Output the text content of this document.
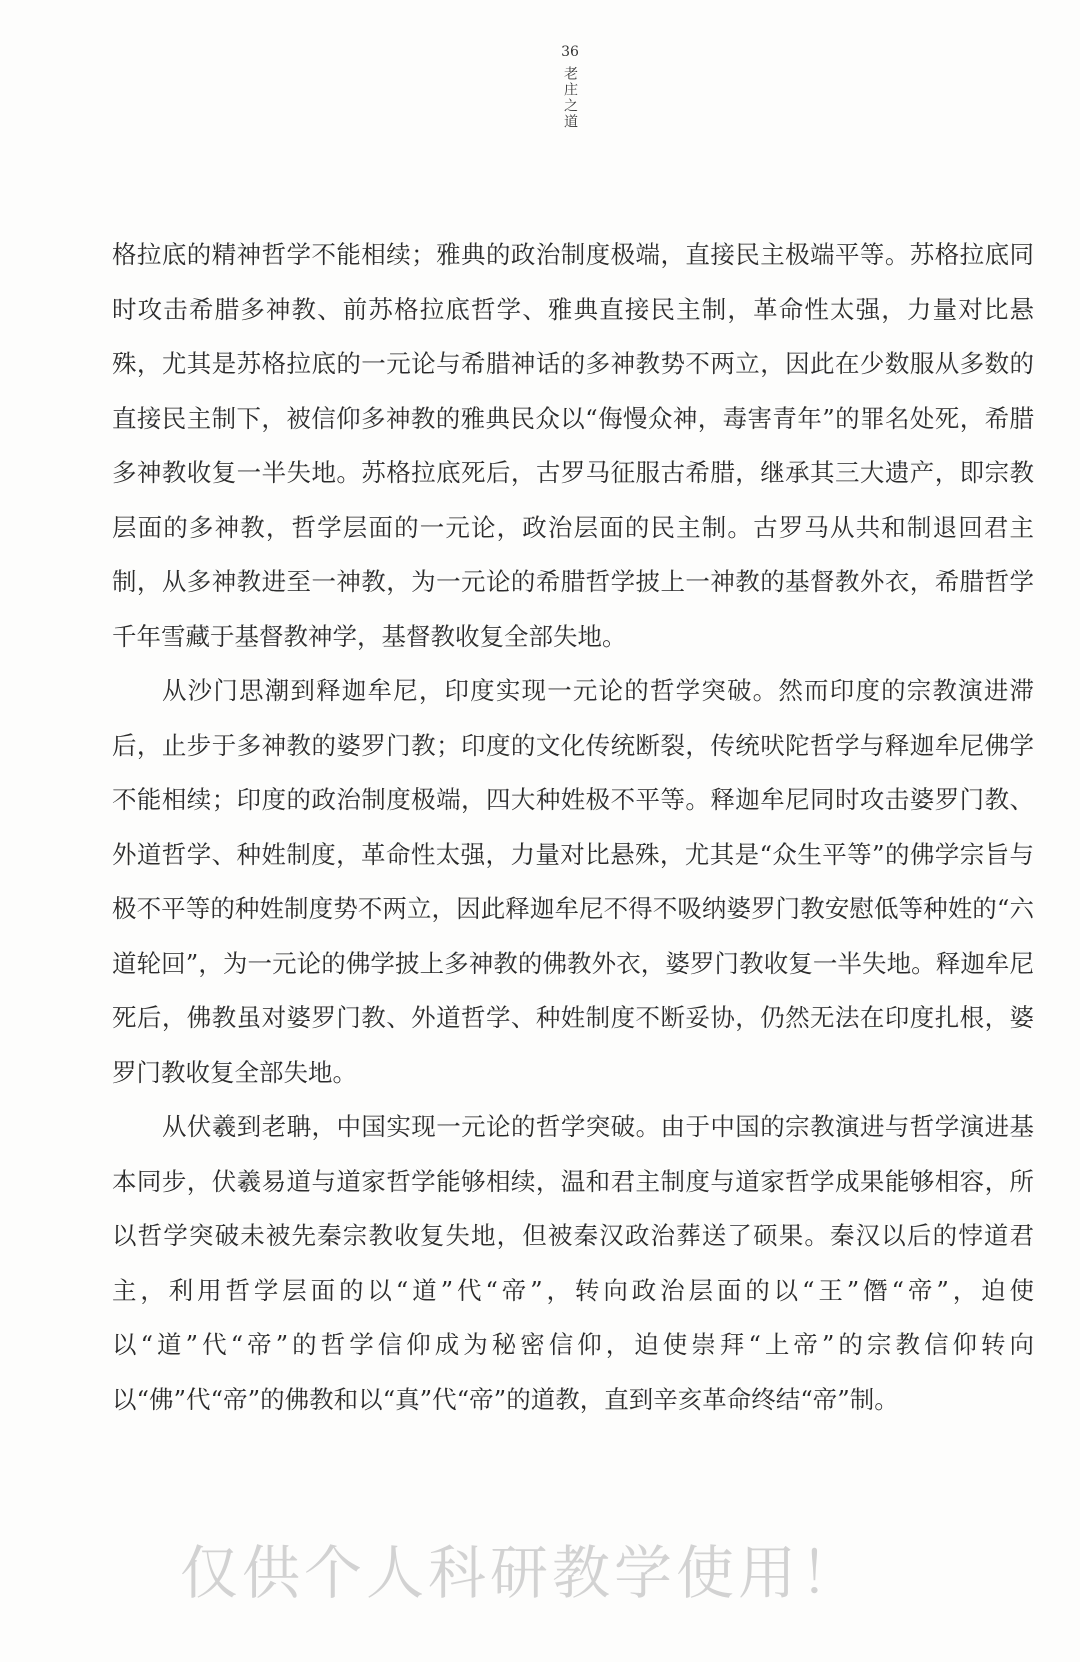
36
老庄之道

格拉底的精神哲学不能相续；雅典的政治制度极端，直接民主极端平等。苏格拉底同时攻击希腊多神教、前苏格拉底哲学、雅典直接民主制，革命性太强，力量对比悬殊，尤其是苏格拉底的一元论与希腊神话的多神教势不两立，因此在少数服从多数的直接民主制下，被信仰多神教的雅典民众以“侮慢众神，毒害青年”的罪名处死，希腊多神教收复一半失地。苏格拉底死后，古罗马征服古希腊，继承其三大遗产，即宗教层面的多神教，哲学层面的一元论，政治层面的民主制。古罗马从共和制退回君主制，从多神教进至一神教，为一元论的希腊哲学披上一神教的基督教外衣，希腊哲学千年雪藏于基督教神学，基督教收复全部失地。

从沙门思潮到释迦牟尼，印度实现一元论的哲学突破。然而印度的宗教演进滞后，止步于多神教的婆罗门教；印度的文化传统断裂，传统吠陀哲学与释迦牟尼佛学不能相续；印度的政治制度极端，四大种姓极不平等。释迦牟尼同时攻击婆罗门教、外道哲学、种姓制度，革命性太强，力量对比悬殊，尤其是“众生平等”的佛学宗旨与极不平等的种姓制度势不两立，因此释迦牟尼不得不吸纳婆罗门教安慰低等种姓的“六道轮回”，为一元论的佛学披上多神教的佛教外衣，婆罗门教收复一半失地。释迦牟尼死后，佛教虽对婆罗门教、外道哲学、种姓制度不断妥协，仍然无法在印度扎根，婆罗门教收复全部失地。

从伏羲到老聃，中国实现一元论的哲学突破。由于中国的宗教演进与哲学演进基本同步，伏羲易道与道家哲学能够相续，温和君主制度与道家哲学成果能够相容，所以哲学突破未被先秦宗教收复失地，但被秦汉政治葬送了硕果。秦汉以后的悖道君主，利用哲学层面的以“道”代“帝”，转向政治层面的以“王”僭“帝”，迫使以“道”代“帝”的哲学信仰成为秘密信仰，迫使崇拜“上帝”的宗教信仰转向以“佛”代“帝”的佛教和以“真”代“帝”的道教，直到辛亥革命终结“帝”制。

仅供个人科研教学使用！
